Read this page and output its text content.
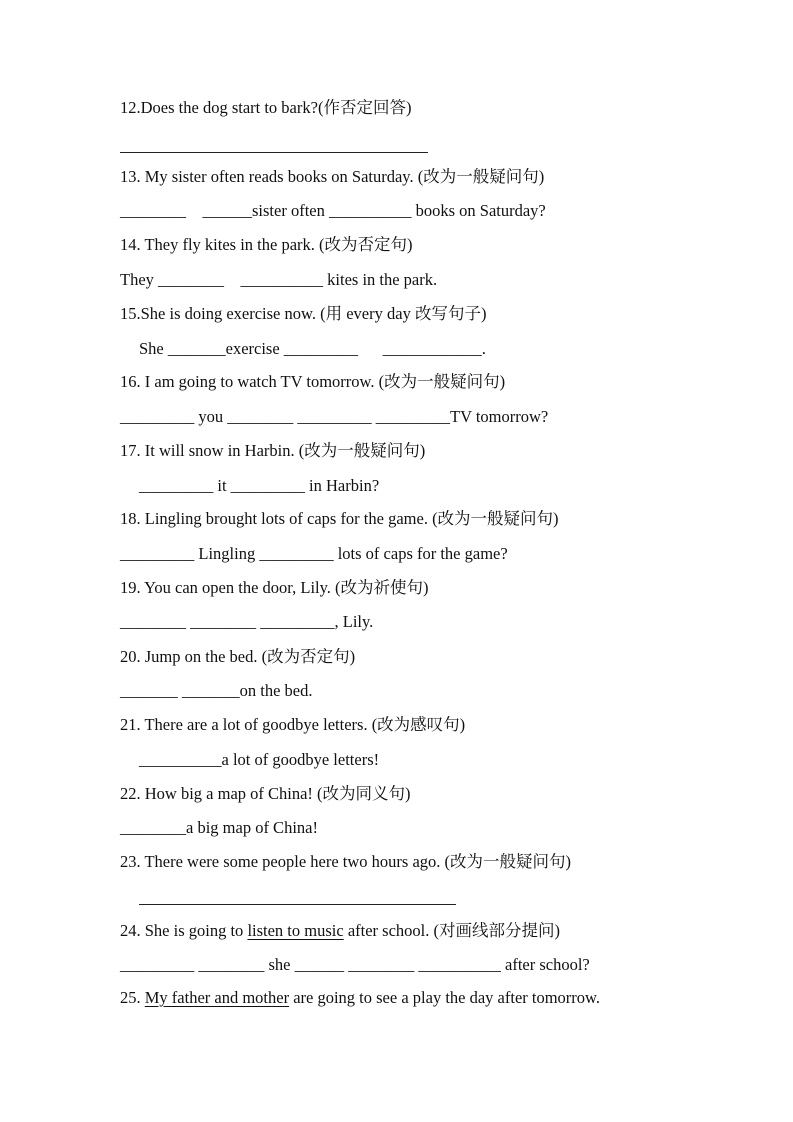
12.Does the dog start to bark?(作否定回答)
13. My sister often reads books on Saturday. (改为一般疑问句)
________    ______sister often __________ books on Saturday?
14. They fly kites in the park. (改为否定句)
They ________    __________ kites in the park.
15.She is doing exercise now. (用 every day 改写句子)
She _______exercise _________      ____________.
16. I am going to watch TV tomorrow. (改为一般疑问句)
_________ you ________ _________ _________TV tomorrow?
17. It will snow in Harbin. (改为一般疑问句)
_________ it _________ in Harbin?
18. Lingling brought lots of caps for the game. (改为一般疑问句)
_________ Lingling _________ lots of caps for the game?
19. You can open the door, Lily. (改为祈使句)
________ ________ _________, Lily.
20. Jump on the bed. (改为否定句)
_______ _______on the bed.
21. There are a lot of goodbye letters. (改为感叹句)
__________a lot of goodbye letters!
22. How big a map of China! (改为同义句)
________a big map of China!
23. There were some people here two hours ago. (改为一般疑问句)
24. She is going to listen to music after school. (对画线部分提问)
_________ ________ she ______ ________ __________ after school?
25. My father and mother are going to see a play the day after tomorrow.
